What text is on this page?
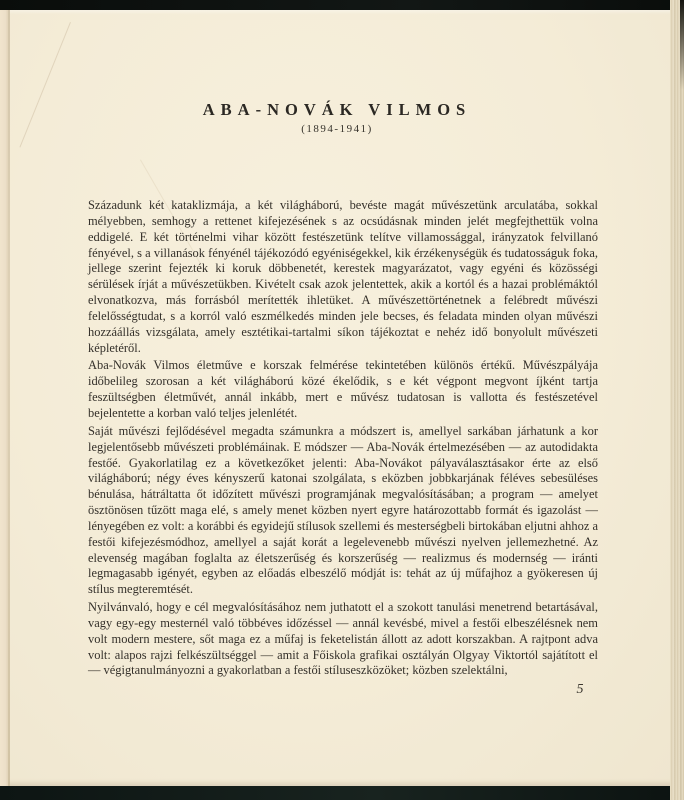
ABA-NOVÁK VILMOS
(1894-1941)

Századunk két kataklizmája, a két világháború, bevéste magát művészetünk arculatába, sokkal mélyebben, semhogy a rettenet kifejezésének s az ocsúdásnak minden jelét megfejthettük volna eddigelé. E két történelmi vihar között festészetünk telítve villamossággal, irányzatok felvillanó fényével, s a villanások fényénél tájékozódó egyéniségekkel, kik érzékenységük és tudatosságuk foka, jellege szerint fejezték ki koruk döbbenetét, kerestek magyarázatot, vagy egyéni és közösségi sérülések írját a művészetükben. Kivételt csak azok jelentettek, akik a kortól és a hazai problémáktól elvonatkozva, más forrásból merítették ihletüket. A művészettörténetnek a felébredt művészi felelősségtudat, s a korról való eszmélkedés minden jele becses, és feladata minden olyan művészi hozzáállás vizsgálata, amely esztétikai-tartalmi síkon tájékoztat e nehéz idő bonyolult művészeti képletéről.

Aba-Novák Vilmos életműve e korszak felmérése tekintetében különös értékű. Művészpályája időbelileg szorosan a két világháború közé ékelődik, s e két végpont megvont íjként tartja feszültségben életművét, annál inkább, mert e művész tudatosan is vallotta és festészetével bejelentette a korban való teljes jelenlétét.

Saját művészi fejlődésével megadta számunkra a módszert is, amellyel sarkában járhatunk a kor legjelentősebb művészeti problémáinak. E módszer — Aba-Novák értelmezésében — az autodidakta festőé. Gyakorlatilag ez a következőket jelenti: Aba-Novákot pályaválasztásakor érte az első világháború; négy éves kényszerű katonai szolgálata, s eközben jobbkarjának féléves sebesüléses bénulása, hátráltatta őt időzített művészi programjának megvalósításában; a program — amelyet ösztönösen tűzött maga elé, s amely menet közben nyert egyre határozottabb formát és igazolást — lényegében ez volt: a korábbi és egyidejű stílusok szellemi és mesterségbeli birtokában eljutni ahhoz a festői kifejezésmódhoz, amellyel a saját korát a legelevenebb művészi nyelven jellemezhetné. Az elevenség magában foglalta az életszerűség és korszerűség — realizmus és modernség — iránti legmagasabb igényét, egyben az előadás elbeszélő módját is: tehát az új műfajhoz a gyökeresen új stílus megteremtését.

Nyilvánvaló, hogy e cél megvalósításához nem juthatott el a szokott tanulási menetrend betartásával, vagy egy-egy mesternél való többéves időzéssel — annál kevésbé, mivel a festői elbeszélésnek nem volt modern mestere, sőt maga ez a műfaj is feketelistán állott az adott korszakban. A rajtpont adva volt: alapos rajzi felkészültséggel — amit a Főiskola grafikai osztályán Olgyay Viktortól sajátított el — végigtanulmányozni a gyakorlatban a festői stíluseszközöket; közben szelektálni,

5
